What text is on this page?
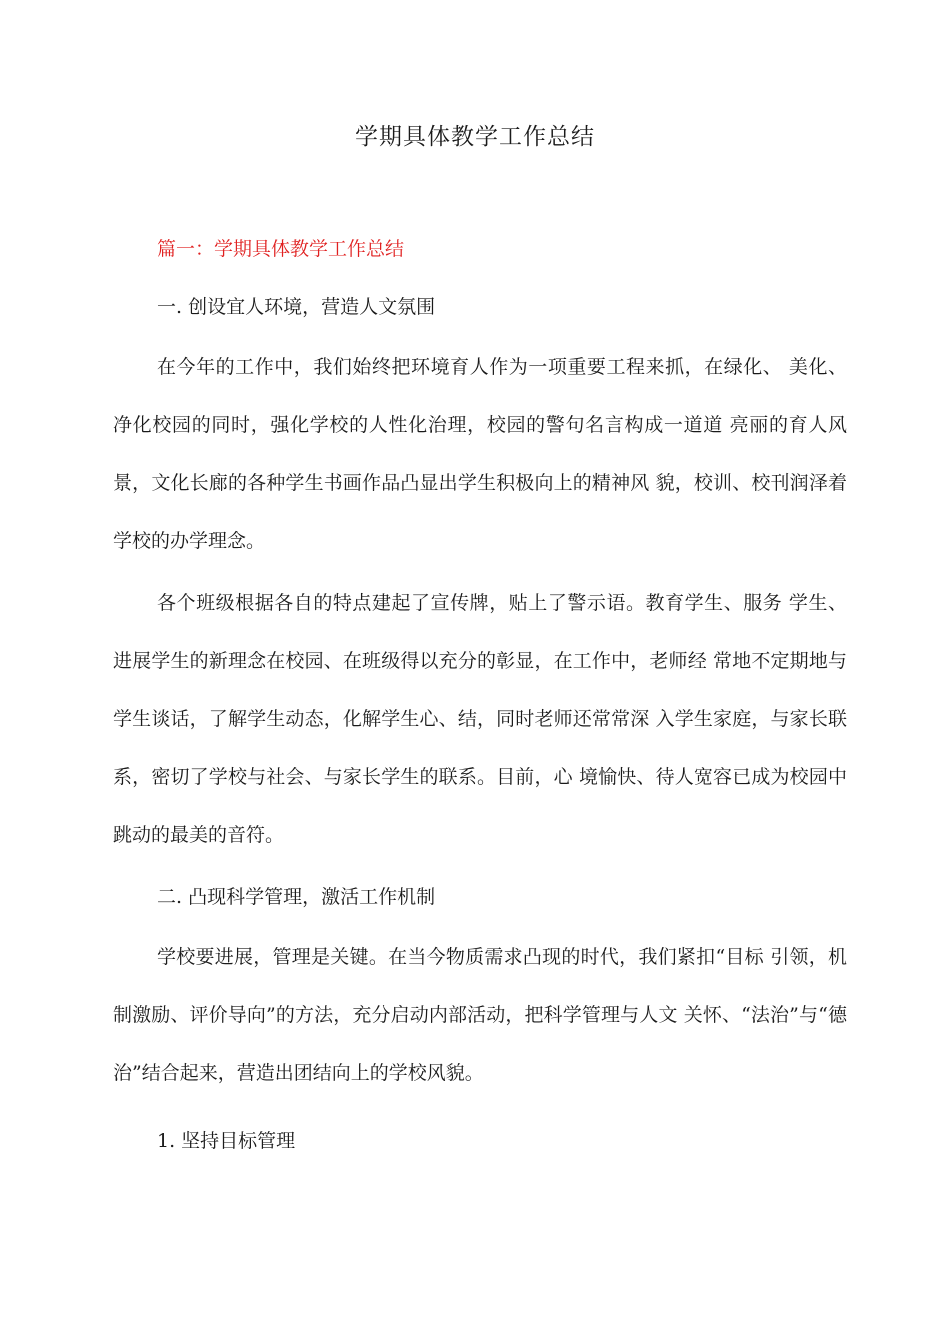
学期具体教学工作总结
篇一：学期具体教学工作总结
一. 创设宜人环境，营造人文氛围

在今年的工作中，我们始终把环境育人作为一项重要工程来抓，在绿化、 美化、净化校园的同时，强化学校的人性化治理，校园的警句名言构成一道道 亮丽的育人风景，文化长廊的各种学生书画作品凸显出学生积极向上的精神风 貌，校训、校刊润泽着学校的办学理念。

各个班级根据各自的特点建起了宣传牌，贴上了警示语。教育学生、服务 学生、进展学生的新理念在校园、在班级得以充分的彰显，在工作中，老师经 常地不定期地与学生谈话，了解学生动态，化解学生心、结，同时老师还常常深 入学生家庭，与家长联系，密切了学校与社会、与家长学生的联系。目前，心 境愉快、待人宽容已成为校园中跳动的最美的音符。

二. 凸现科学管理，激活工作机制

学校要进展，管理是关键。在当今物质需求凸现的时代，我们紧扣“目标 引领，机制激励、评价导向”的方法，充分启动内部活动，把科学管理与人文 关怀、“法治”与“德治”结合起来，营造出团结向上的学校风貌。

1. 坚持目标管理
